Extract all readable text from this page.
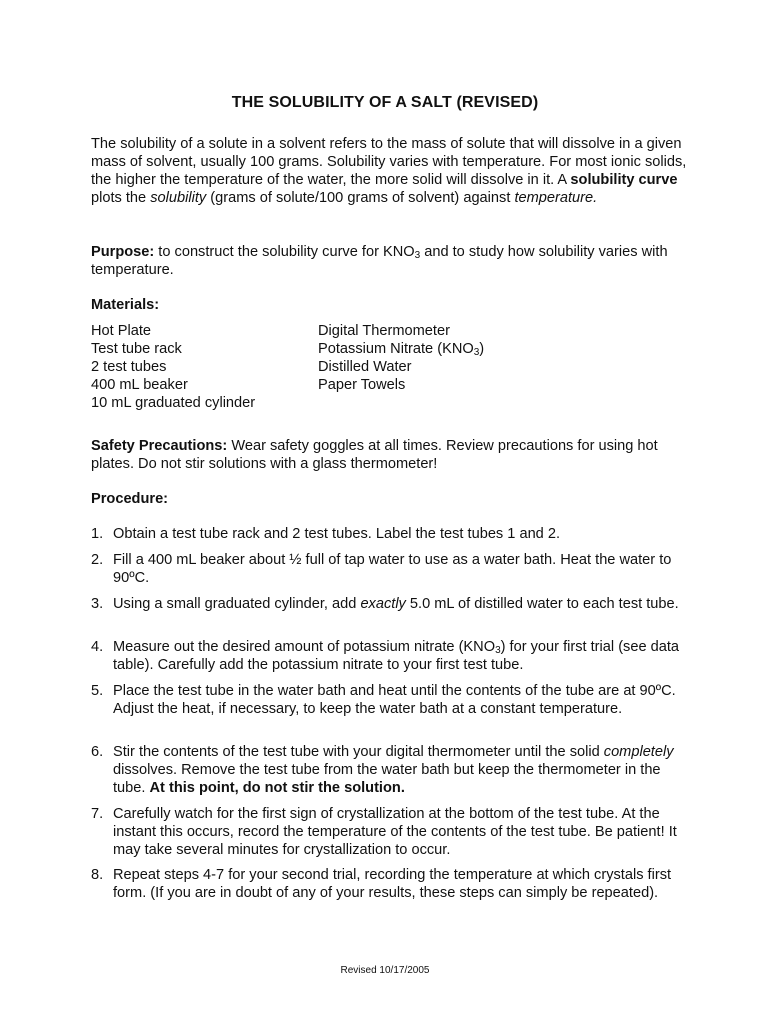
THE SOLUBILITY OF A SALT (REVISED)
The solubility of a solute in a solvent refers to the mass of solute that will dissolve in a given mass of solvent, usually 100 grams. Solubility varies with temperature. For most ionic solids, the higher the temperature of the water, the more solid will dissolve in it. A solubility curve plots the solubility (grams of solute/100 grams of solvent) against temperature.
Purpose: to construct the solubility curve for $KNO_3$ and to study how solubility varies with temperature.
Materials:
Hot Plate
Test tube rack
2 test tubes
400 mL beaker
10 mL graduated cylinder
Digital Thermometer
Potassium Nitrate $(KNO_3)$
Distilled Water
Paper Towels
Safety Precautions: Wear safety goggles at all times. Review precautions for using hot plates. Do not stir solutions with a glass thermometer!
Procedure:
1. Obtain a test tube rack and 2 test tubes. Label the test tubes 1 and 2.
2. Fill a 400 mL beaker about ½ full of tap water to use as a water bath. Heat the water to 90ºC.
3. Using a small graduated cylinder, add exactly 5.0 mL of distilled water to each test tube.
4. Measure out the desired amount of potassium nitrate $(KNO_3)$ for your first trial (see data table). Carefully add the potassium nitrate to your first test tube.
5. Place the test tube in the water bath and heat until the contents of the tube are at 90ºC. Adjust the heat, if necessary, to keep the water bath at a constant temperature.
6. Stir the contents of the test tube with your digital thermometer until the solid completely dissolves. Remove the test tube from the water bath but keep the thermometer in the tube. At this point, do not stir the solution.
7. Carefully watch for the first sign of crystallization at the bottom of the test tube. At the instant this occurs, record the temperature of the contents of the test tube. Be patient! It may take several minutes for crystallization to occur.
8. Repeat steps 4-7 for your second trial, recording the temperature at which crystals first form. (If you are in doubt of any of your results, these steps can simply be repeated).
Revised 10/17/2005
